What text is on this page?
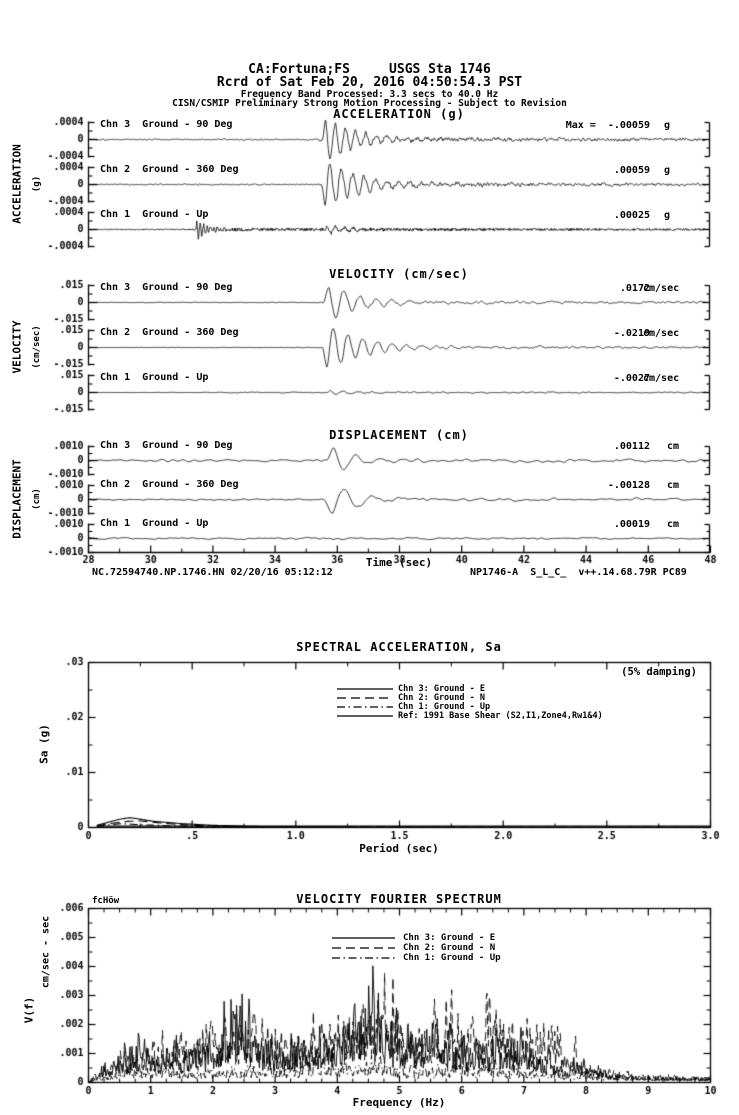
CA:Fortuna;FS     USGS Sta 1746
Rcrd of Sat Feb 20, 2016 04:50:54.3 PST
Frequency Band Processed: 3.3 secs to 40.0 Hz
Time (sec)
NC.72594740.NP.1746.HN 02/20/16 05:12:12	NP1746-A  S_L_C_  v++.14.68.79R PC89
Period (sec)
Chn 3: Ground - E
Chn 2: Ground - N
Chn 1: Ground - Up
Ref: 1991 Base Shear (S2,I1,Zone4,Rw1&4)
Frequency (Hz)
Chn 3: Ground - E
Chn 2: Ground - N
Chn 1: Ground - Up
Chn 3  Ground - 90 Deg	Max =  -.00059 g
Chn 2  Ground - 360 Deg	.00059 g
Chn 1  Ground - Up	.00025 g
Chn 3  Ground - 90 Deg	.0172
cm/sec
Chn 2  Ground - 360 Deg	-.0219
cm/sec
Chn 1  Ground - Up	-.0027
cm/sec
Chn 3  Ground - 90 Deg	.00112 cm
Chn 2  Ground - 360 Deg	-.00128 cm
Chn 1  Ground - Up	.00019 cm
